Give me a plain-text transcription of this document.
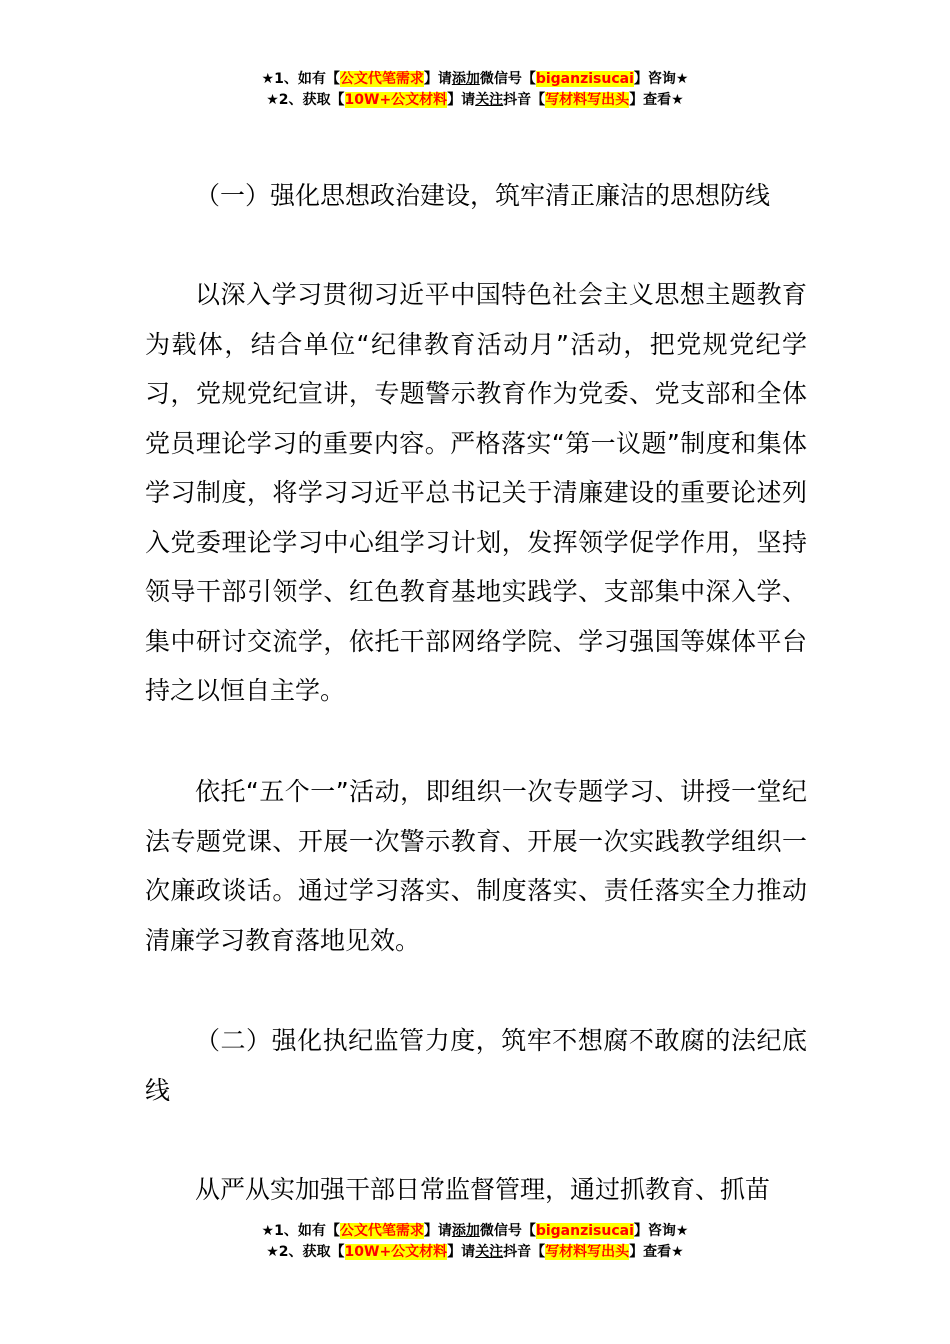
★1、如有【公文代笔需求】请添加微信号【biganzisucai】咨询★
★2、获取【10W+公文材料】请关注抖音【写材料写出头】查看★

（一）强化思想政治建设，筑牢清正廉洁的思想防线

以深入学习贯彻习近平中国特色社会主义思想主题教育为载体，结合单位“纪律教育活动月”活动，把党规党纪学习，党规党纪宣讲，专题警示教育作为党委、党支部和全体党员理论学习的重要内容。严格落实“第一议题”制度和集体学习制度，将学习习近平总书记关于清廉建设的重要论述列入党委理论学习中心组学习计划，发挥领学促学作用，坚持领导干部引领学、红色教育基地实践学、支部集中深入学、集中研讨交流学，依托干部网络学院、学习强国等媒体平台持之以恒自主学。

依托“五个一”活动，即组织一次专题学习、讲授一堂纪法专题党课、开展一次警示教育、开展一次实践教学组织一次廉政谈话。通过学习落实、制度落实、责任落实全力推动清廉学习教育落地见效。

（二）强化执纪监管力度，筑牢不想腐不敢腐的法纪底线

从严从实加强干部日常监督管理，通过抓教育、抓苗

★1、如有【公文代笔需求】请添加微信号【biganzisucai】咨询★
★2、获取【10W+公文材料】请关注抖音【写材料写出头】查看★
